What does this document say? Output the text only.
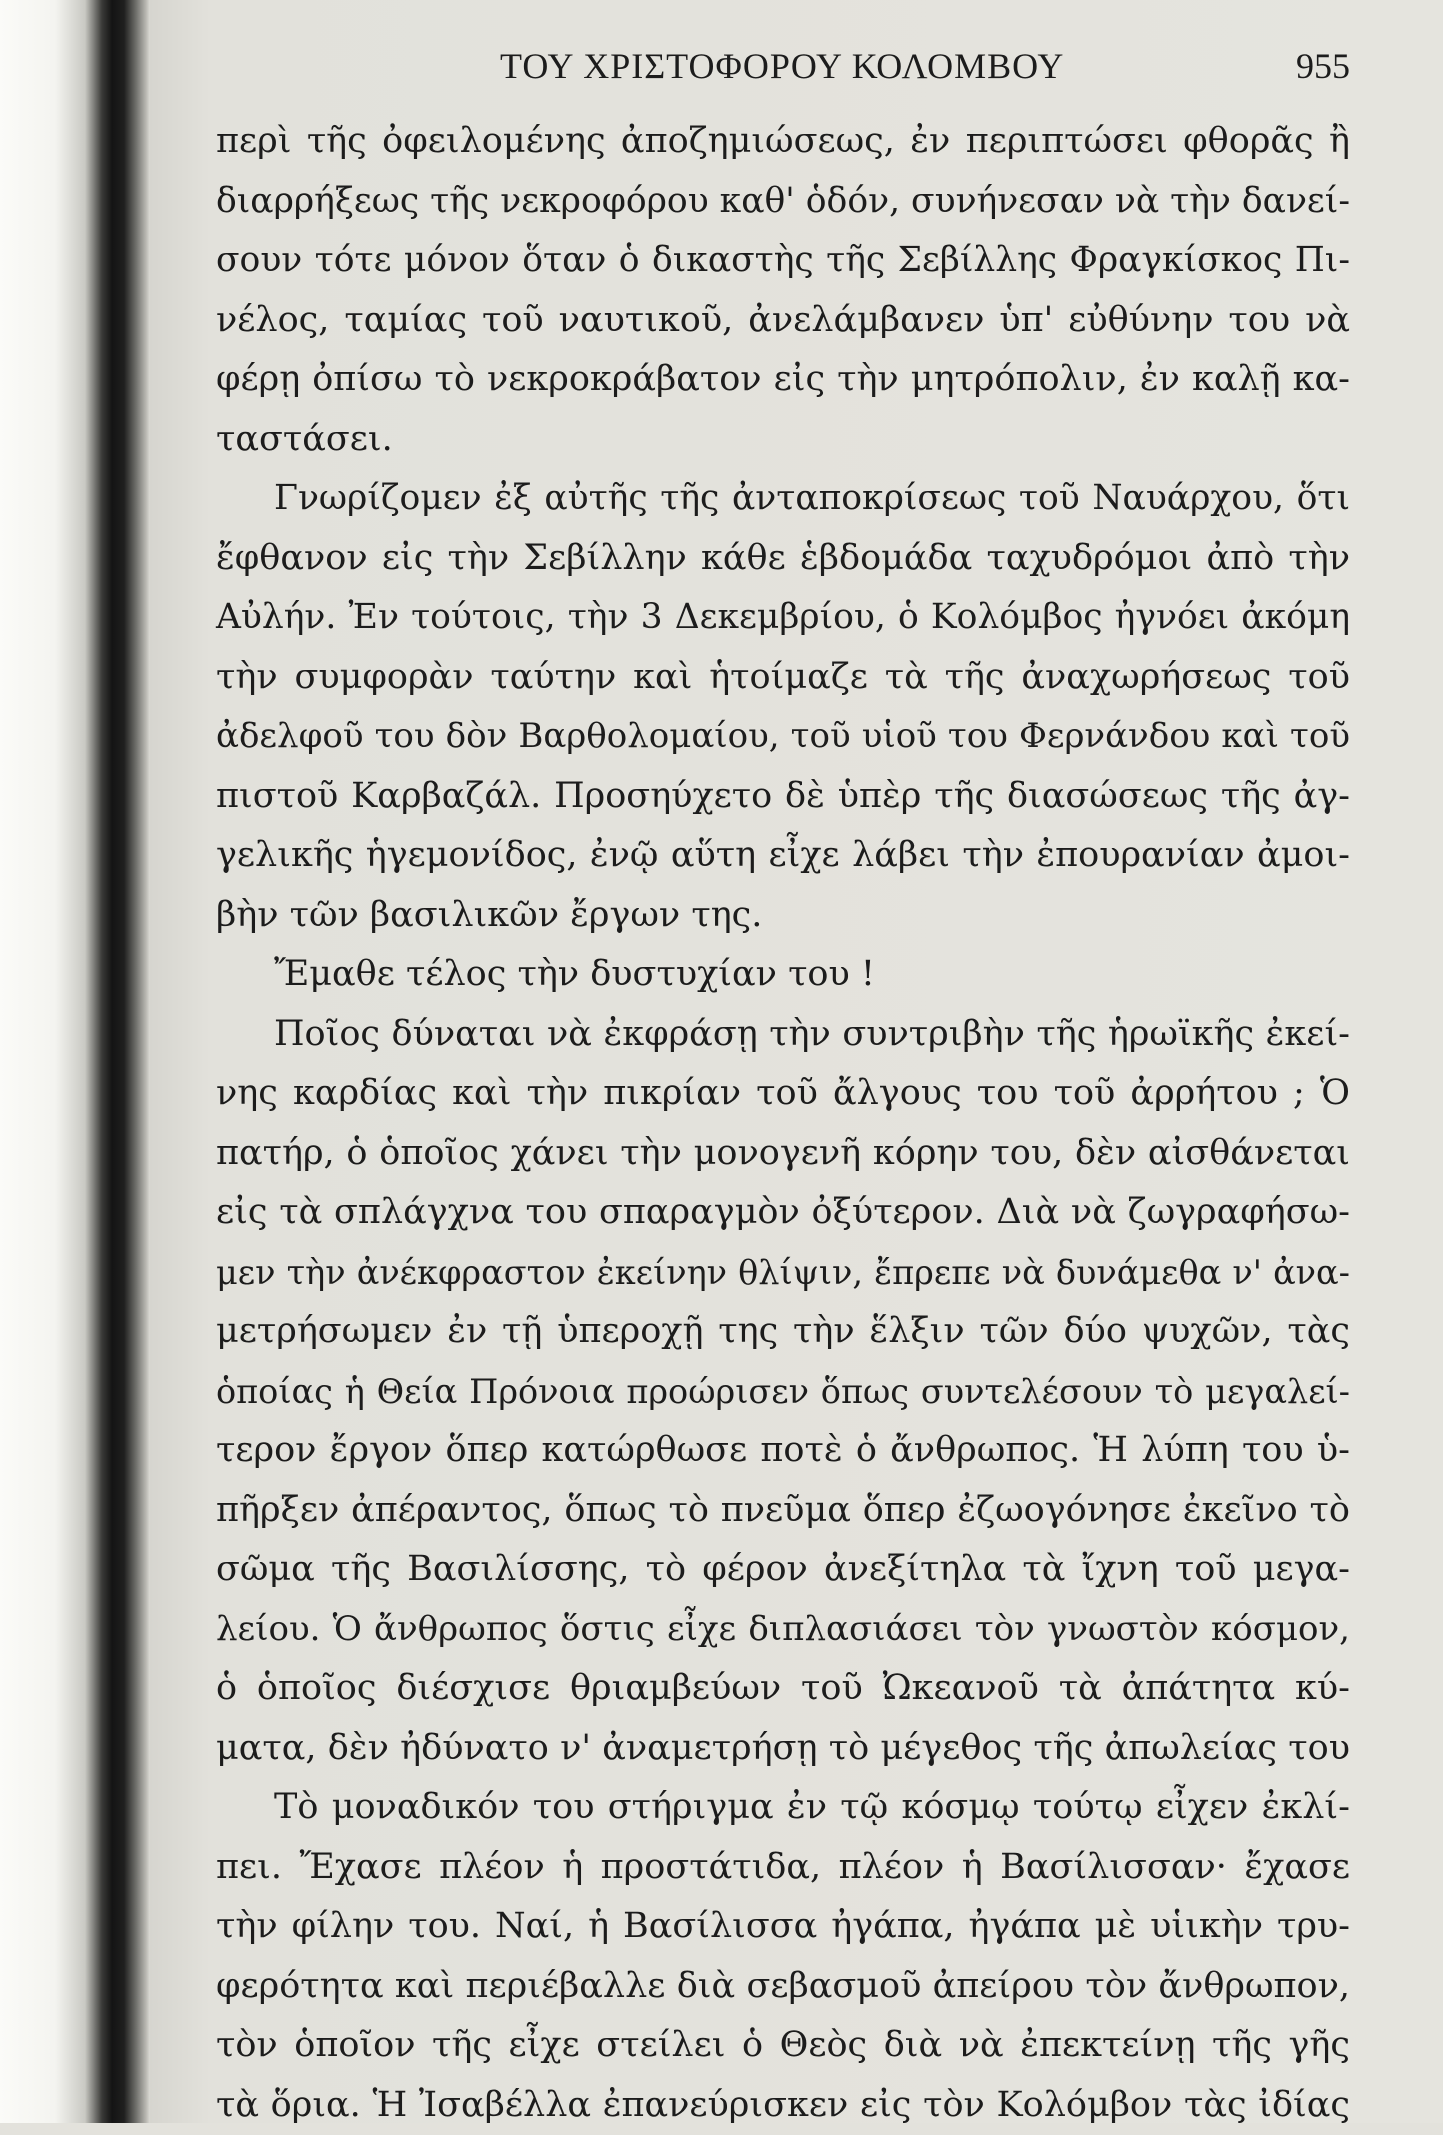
ΤΟΥ ΧΡΙΣΤΟΦΟΡΟΥ ΚΟΛΟΜΒΟΥ	955
περὶ τῆς ὀφειλομένης ἀποζημιώσεως, ἐν περιπτώσει φθορᾶς ἢ
διαρρήξεως τῆς νεκροφόρου καθ' ὁδόν, συνήνεσαν νὰ τὴν δανεί-
σουν τότε μόνον ὅταν ὁ δικαστὴς τῆς Σεβίλλης Φραγκίσκος Πι-
νέλος, ταμίας τοῦ ναυτικοῦ, ἀνελάμβανεν ὑπ' εὐθύνην του νὰ
φέρῃ ὀπίσω τὸ νεκροκράβατον εἰς τὴν μητρόπολιν, ἐν καλῇ κα-
ταστάσει.
Γνωρίζομεν ἐξ αὐτῆς τῆς ἀνταποκρίσεως τοῦ Ναυάρχου, ὅτι
ἔφθανον εἰς τὴν Σεβίλλην κάθε ἑβδομάδα ταχυδρόμοι ἀπὸ τὴν
Αὐλήν. Ἐν τούτοις, τὴν 3 Δεκεμβρίου, ὁ Κολόμβος ἠγνόει ἀκόμη
τὴν συμφορὰν ταύτην καὶ ἡτοίμαζε τὰ τῆς ἀναχωρήσεως τοῦ
ἀδελφοῦ του δὸν Βαρθολομαίου, τοῦ υἱοῦ του Φερνάνδου καὶ τοῦ
πιστοῦ Καρβαζάλ. Προσηύχετο δὲ ὑπὲρ τῆς διασώσεως τῆς ἀγ-
γελικῆς ἡγεμονίδος, ἐνῷ αὕτη εἶχε λάβει τὴν ἐπουρανίαν ἀμοι-
βὴν τῶν βασιλικῶν ἔργων της.
Ἔμαθε τέλος τὴν δυστυχίαν του !
Ποῖος δύναται νὰ ἐκφράσῃ τὴν συντριβὴν τῆς ἡρωϊκῆς ἐκεί-
νης καρδίας καὶ τὴν πικρίαν τοῦ ἄλγους του τοῦ ἀρρήτου ; Ὁ
πατήρ, ὁ ὁποῖος χάνει τὴν μονογενῆ κόρην του, δὲν αἰσθάνεται
εἰς τὰ σπλάγχνα του σπαραγμὸν ὀξύτερον. Διὰ νὰ ζωγραφήσω-
μεν τὴν ἀνέκφραστον ἐκείνην θλίψιν, ἔπρεπε νὰ δυνάμεθα ν' ἀνα-
μετρήσωμεν ἐν τῇ ὑπεροχῇ της τὴν ἕλξιν τῶν δύο ψυχῶν, τὰς
ὁποίας ἡ Θεία Πρόνοια προώρισεν ὅπως συντελέσουν τὸ μεγαλεί-
τερον ἔργον ὅπερ κατώρθωσε ποτὲ ὁ ἄνθρωπος. Ἡ λύπη του ὑ-
πῆρξεν ἀπέραντος, ὅπως τὸ πνεῦμα ὅπερ ἐζωογόνησε ἐκεῖνο τὸ
σῶμα τῆς Βασιλίσσης, τὸ φέρον ἀνεξίτηλα τὰ ἴχνη τοῦ μεγα-
λείου. Ὁ ἄνθρωπος ὅστις εἶχε διπλασιάσει τὸν γνωστὸν κόσμον,
ὁ ὁποῖος διέσχισε θριαμβεύων τοῦ Ὠκεανοῦ τὰ ἀπάτητα κύ-
ματα, δὲν ἠδύνατο ν' ἀναμετρήσῃ τὸ μέγεθος τῆς ἀπωλείας του
Τὸ μοναδικόν του στήριγμα ἐν τῷ κόσμῳ τούτῳ εἶχεν ἐκλί-
πει. Ἔχασε πλέον ἡ προστάτιδα, πλέον ἡ Βασίλισσαν· ἔχασε
τὴν φίλην του. Ναί, ἡ Βασίλισσα ἠγάπα, ἠγάπα μὲ υἱικὴν τρυ-
φερότητα καὶ περιέβαλλε διὰ σεβασμοῦ ἀπείρου τὸν ἄνθρωπον,
τὸν ὁποῖον τῆς εἶχε στείλει ὁ Θεὸς διὰ νὰ ἐπεκτείνῃ τῆς γῆς
τὰ ὅρια. Ἡ Ἰσαβέλλα ἐπανεύρισκεν εἰς τὸν Κολόμβον τὰς ἰδίας
